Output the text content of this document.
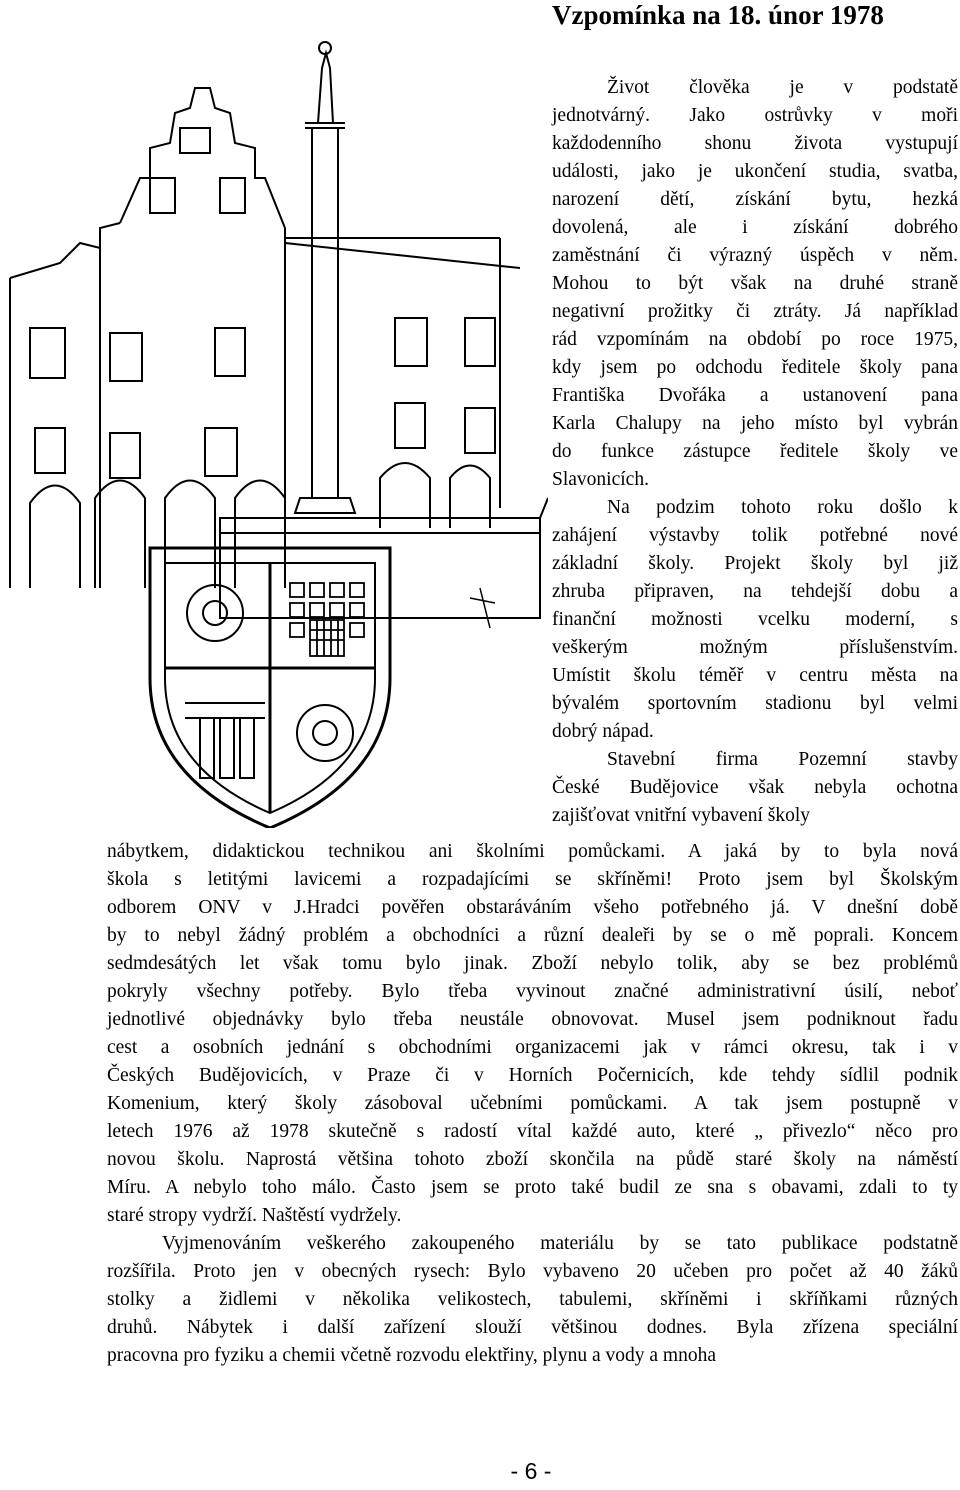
Vzpomínka na 18. únor 1978

Život člověka je v podstatě
jednotvárný. Jako ostrůvky v moři
každodenního shonu života vystupují
události, jako je ukončení studia, svatba,
narození dětí, získání bytu, hezká
dovolená, ale i získání dobrého
zaměstnání či výrazný úspěch v něm.
Mohou to být však na druhé straně
negativní prožitky či ztráty. Já například
rád vzpomínám na období po roce 1975,
kdy jsem po odchodu ředitele školy pana
Františka Dvořáka a ustanovení pana
Karla Chalupy na jeho místo byl vybrán
do funkce zástupce ředitele školy ve
Slavonicích.

Na podzim tohoto roku došlo k
zahájení výstavby tolik potřebné nové
základní školy. Projekt školy byl již
zhruba připraven, na tehdejší dobu a
finanční možnosti vcelku moderní, s
veškerým možným příslušenstvím.
Umístit školu téměř v centru města na
bývalém sportovním stadionu byl velmi
dobrý nápad.

Stavební firma Pozemní stavby
České Budějovice však nebyla ochotna
zajišťovat vnitřní vybavení školy

nábytkem, didaktickou technikou ani školními pomůckami. A jaká by to byla nová
škola s letitými lavicemi a rozpadajícími se skříněmi! Proto jsem byl Školským
odborem ONV v J.Hradci pověřen obstaráváním všeho potřebného já. V dnešní době
by to nebyl žádný problém a obchodníci a různí dealeři by se o mě poprali. Koncem
sedmdesátých let však tomu bylo jinak. Zboží nebylo tolik, aby se bez problémů
pokryly všechny potřeby. Bylo třeba vyvinout značné administrativní úsilí, neboť
jednotlivé objednávky bylo třeba neustále obnovovat. Musel jsem podniknout řadu
cest a osobních jednání s obchodními organizacemi jak v rámci okresu, tak i v
Českých Budějovicích, v Praze či v Horních Počernicích, kde tehdy sídlil podnik
Komenium, který školy zásoboval učebními pomůckami. A tak jsem postupně v
letech 1976 až 1978 skutečně s radostí vítal každé auto, které „ přivezlo“ něco pro
novou školu. Naprostá většina tohoto zboží skončila na půdě staré školy na náměstí
Míru. A nebylo toho málo. Často jsem se proto také budil ze sna s obavami, zdali to ty
staré stropy vydrží. Naštěstí vydržely.

Vyjmenováním veškerého zakoupeného materiálu by se tato publikace podstatně
rozšířila. Proto jen v obecných rysech: Bylo vybaveno 20 učeben pro počet až 40 žáků
stolky a židlemi v několika velikostech, tabulemi, skříněmi i skříňkami různých
druhů. Nábytek i další zařízení slouží většinou dodnes. Byla zřízena speciální
pracovna pro fyziku a chemii včetně rozvodu elektřiny, plynu a vody a mnoha

- 6 -
